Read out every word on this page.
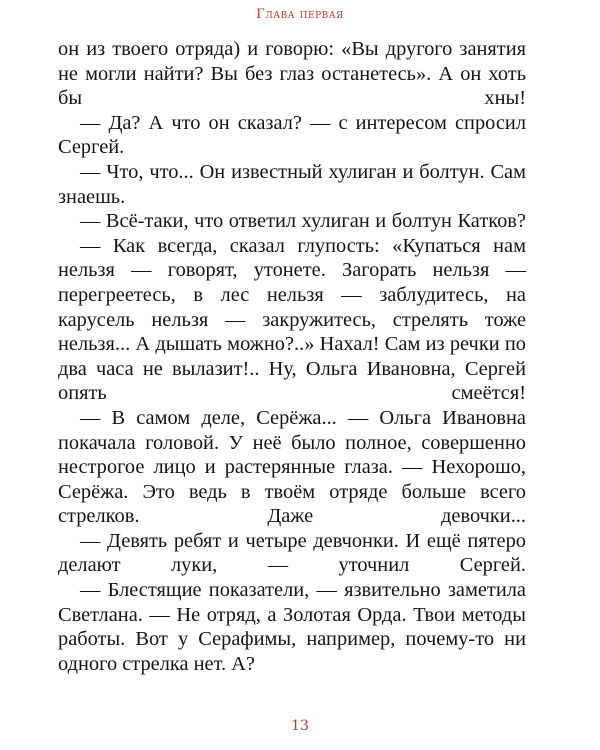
Глава первая

он из твоего отряда) и говорю: «Вы другого занятия не могли найти? Вы без глаз останетесь». А он хоть бы хны!

— Да? А что он сказал? — с интересом спросил Сергей.

— Что, что... Он известный хулиган и болтун. Сам знаешь.

— Всё-таки, что ответил хулиган и болтун Катков?

— Как всегда, сказал глупость: «Купаться нам нельзя — говорят, утонете. Загорать нельзя — перегреетесь, в лес нельзя — заблудитесь, на карусель нельзя — закружитесь, стрелять тоже нельзя... А дышать можно?..» Нахал! Сам из речки по два часа не вылазит!.. Ну, Ольга Ивановна, Сергей опять смеётся!

— В самом деле, Серёжа... — Ольга Ивановна покачала головой. У неё было полное, совершенно нестрогое лицо и растерянные глаза. — Нехорошо, Серёжа. Это ведь в твоём отряде больше всего стрелков. Даже девочки...

— Девять ребят и четыре девчонки. И ещё пятеро делают луки, — уточнил Сергей.

— Блестящие показатели, — язвительно заметила Светлана. — Не отряд, а Золотая Орда. Твои методы работы. Вот у Серафимы, например, почему-то ни одного стрелка нет. А?

13
